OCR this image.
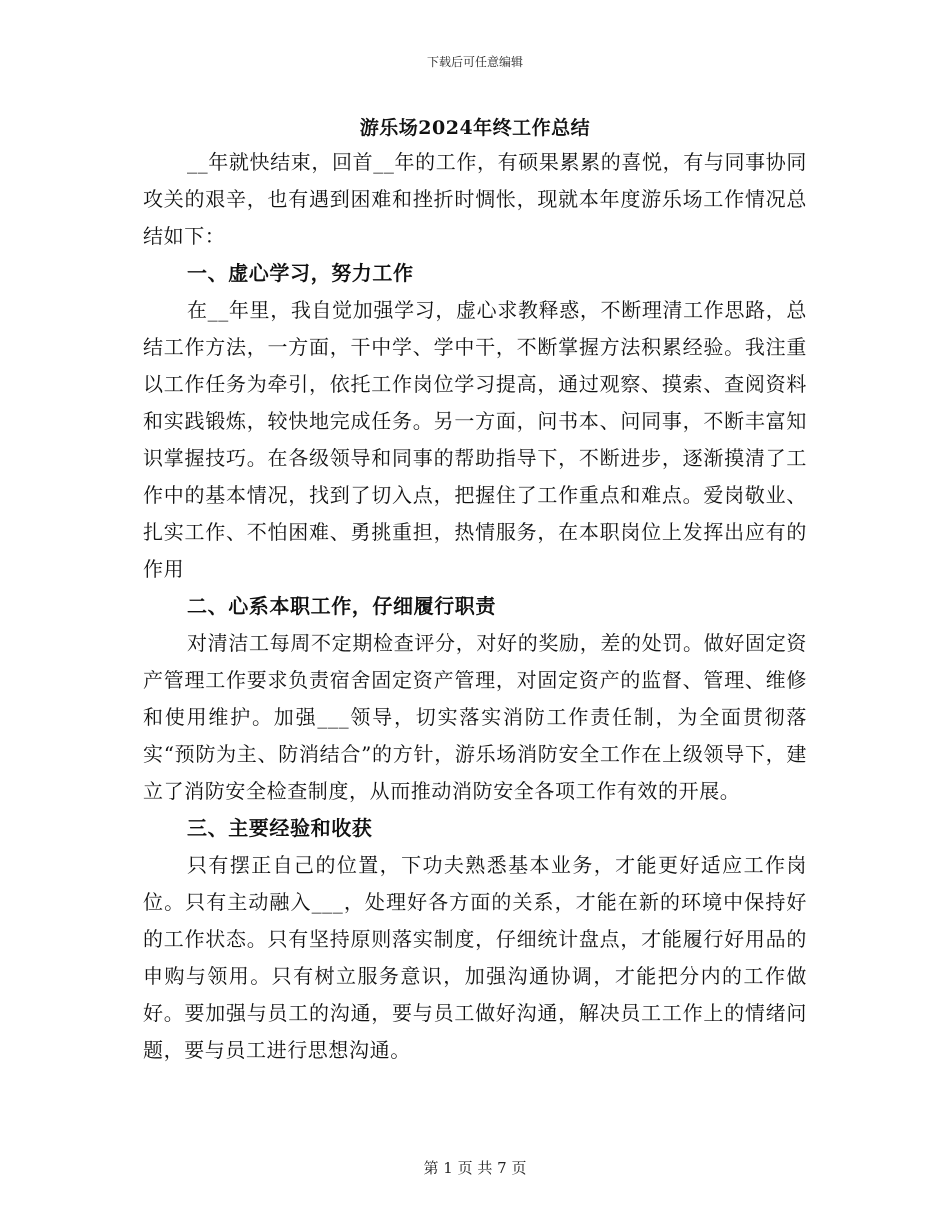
下载后可任意编辑
游乐场2024年终工作总结

__年就快结束，回首__年的工作，有硕果累累的喜悦，有与同事协同攻关的艰辛，也有遇到困难和挫折时惆怅，现就本年度游乐场工作情况总结如下：

一、虚心学习，努力工作

在__年里，我自觉加强学习，虚心求教释惑，不断理清工作思路，总结工作方法，一方面，干中学、学中干，不断掌握方法积累经验。我注重以工作任务为牵引，依托工作岗位学习提高，通过观察、摸索、查阅资料和实践锻炼，较快地完成任务。另一方面，问书本、问同事，不断丰富知识掌握技巧。在各级领导和同事的帮助指导下，不断进步，逐渐摸清了工作中的基本情况，找到了切入点，把握住了工作重点和难点。爱岗敬业、扎实工作、不怕困难、勇挑重担，热情服务，在本职岗位上发挥出应有的作用

二、心系本职工作，仔细履行职责

对清洁工每周不定期检查评分，对好的奖励，差的处罚。做好固定资产管理工作要求负责宿舍固定资产管理，对固定资产的监督、管理、维修和使用维护。加强___领导，切实落实消防工作责任制，为全面贯彻落实“预防为主、防消结合”的方针，游乐场消防安全工作在上级领导下，建立了消防安全检查制度，从而推动消防安全各项工作有效的开展。

三、主要经验和收获

只有摆正自己的位置，下功夫熟悉基本业务，才能更好适应工作岗位。只有主动融入___，处理好各方面的关系，才能在新的环境中保持好的工作状态。只有坚持原则落实制度，仔细统计盘点，才能履行好用品的申购与领用。只有树立服务意识，加强沟通协调，才能把分内的工作做好。要加强与员工的沟通，要与员工做好沟通，解决员工工作上的情绪问题，要与员工进行思想沟通。

第 1 页 共 7 页
